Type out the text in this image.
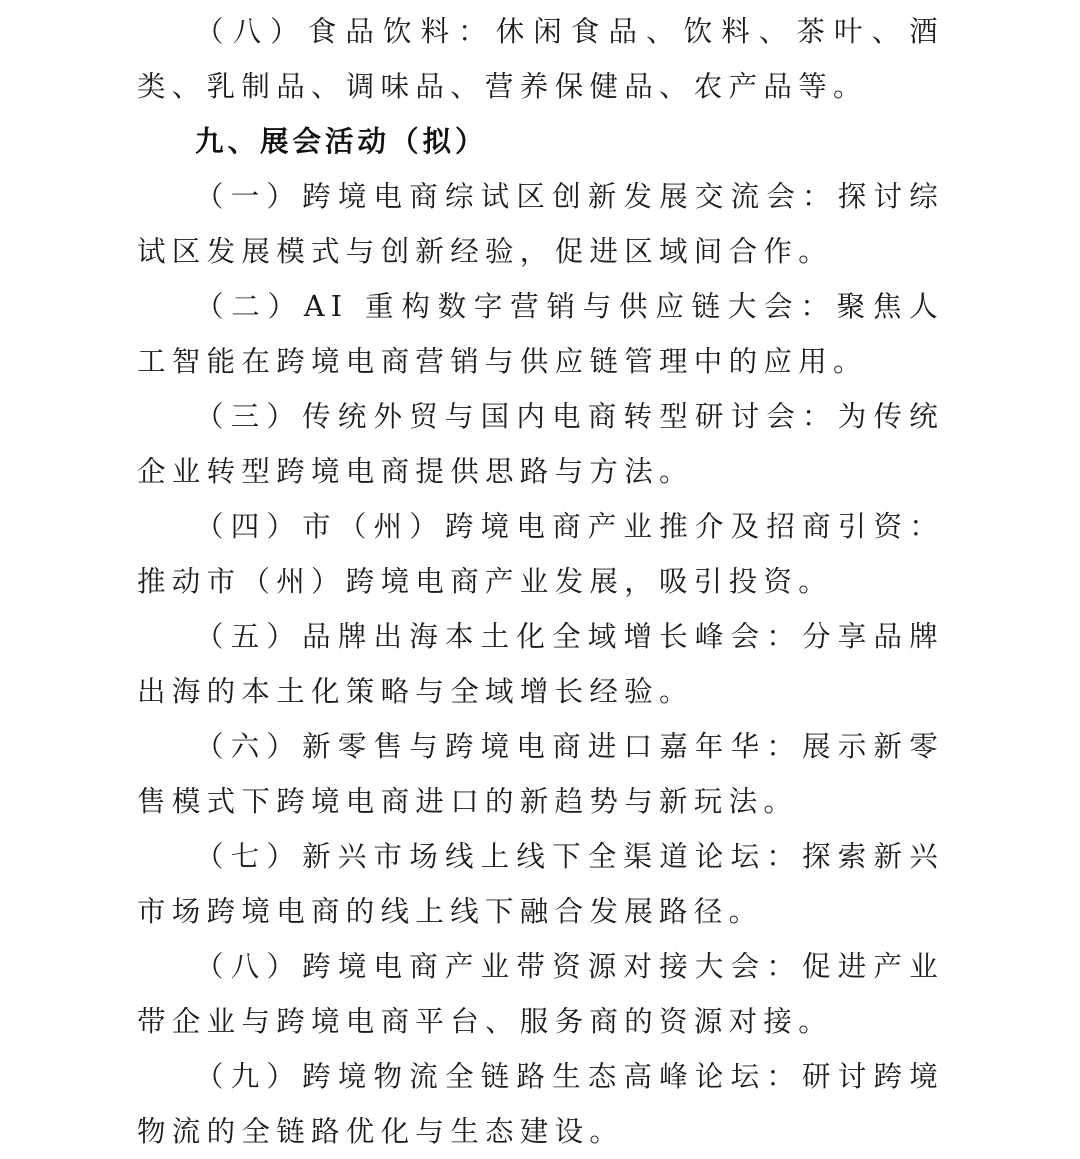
（八）食品饮料：休闲食品、饮料、茶叶、酒类、乳制品、调味品、营养保健品、农产品等。

九、展会活动（拟）

（一）跨境电商综试区创新发展交流会：探讨综试区发展模式与创新经验，促进区域间合作。

（二）AI 重构数字营销与供应链大会：聚焦人工智能在跨境电商营销与供应链管理中的应用。

（三）传统外贸与国内电商转型研讨会：为传统企业转型跨境电商提供思路与方法。

（四）市（州）跨境电商产业推介及招商引资：推动市（州）跨境电商产业发展，吸引投资。

（五）品牌出海本土化全域增长峰会：分享品牌出海的本土化策略与全域增长经验。

（六）新零售与跨境电商进口嘉年华：展示新零售模式下跨境电商进口的新趋势与新玩法。

（七）新兴市场线上线下全渠道论坛：探索新兴市场跨境电商的线上线下融合发展路径。

（八）跨境电商产业带资源对接大会：促进产业带企业与跨境电商平台、服务商的资源对接。

（九）跨境物流全链路生态高峰论坛：研讨跨境物流的全链路优化与生态建设。
